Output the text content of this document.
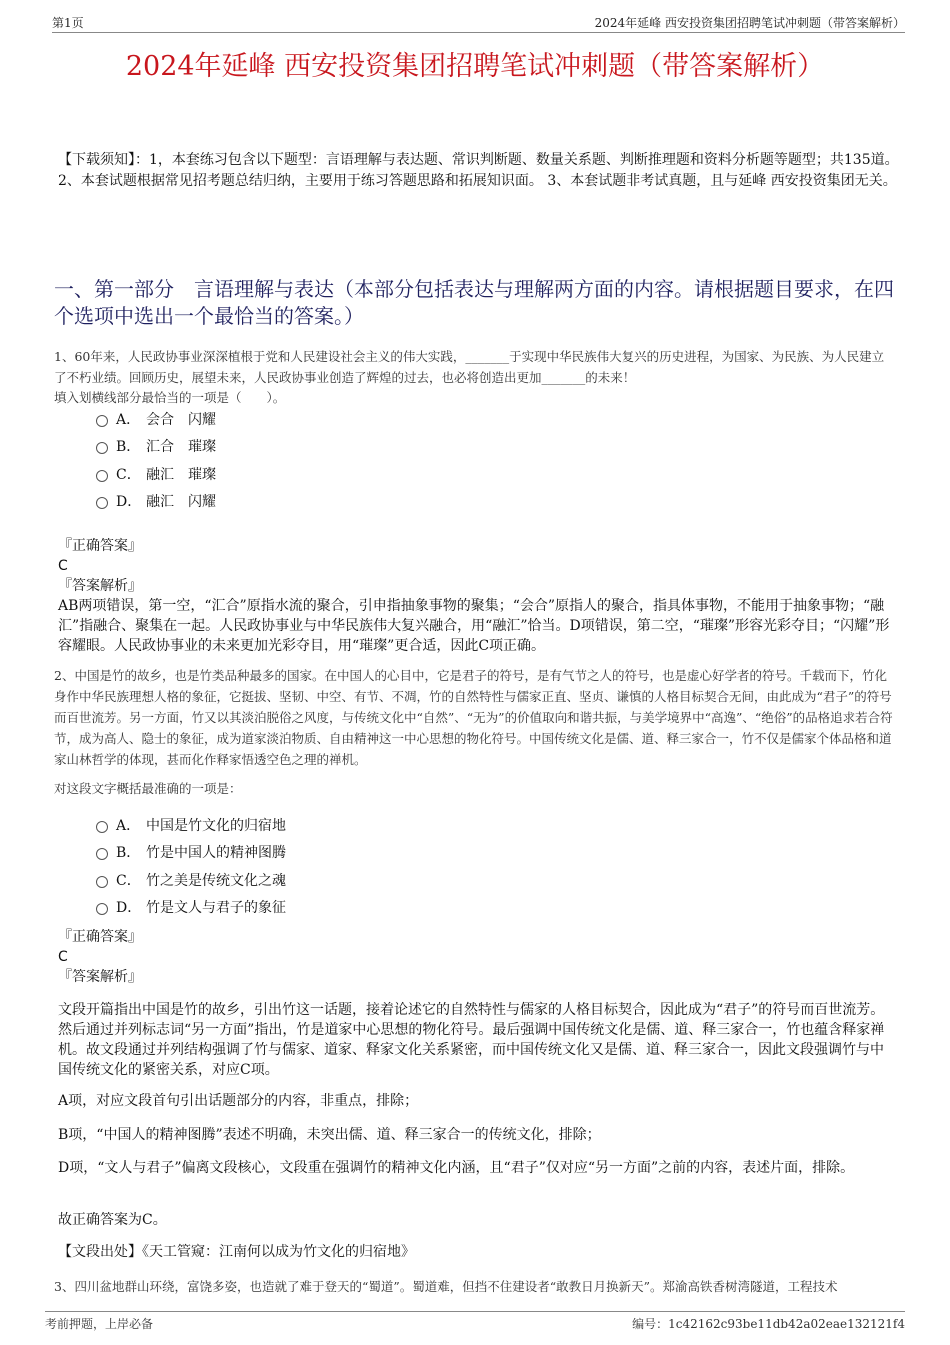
第1页	2024年延峰 西安投资集团招聘笔试冲刺题（带答案解析）
2024年延峰 西安投资集团招聘笔试冲刺题（带答案解析）
【下载须知】：1，本套练习包含以下题型：言语理解与表达题、常识判断题、数量关系题、判断推理题和资料分析题等题型；共135道。 2、本套试题根据常见招考题总结归纳，主要用于练习答题思路和拓展知识面。 3、本套试题非考试真题，且与延峰 西安投资集团无关。
一、第一部分　言语理解与表达（本部分包括表达与理解两方面的内容。请根据题目要求，在四个选项中选出一个最恰当的答案。）
1、60年来，人民政协事业深深植根于党和人民建设社会主义的伟大实践，_______于实现中华民族伟大复兴的历史进程，为国家、为民族、为人民建立了不朽业绩。回顾历史，展望未来，人民政协事业创造了辉煌的过去，也必将创造出更加_______的未来！
填入划横线部分最恰当的一项是（　　）。
A． 会合　闪耀
B． 汇合　璀璨
C． 融汇　璀璨
D． 融汇　闪耀
『正确答案』
C
『答案解析』
AB两项错误，第一空，“汇合”原指水流的聚合，引申指抽象事物的聚集；“会合”原指人的聚合，指具体事物，不能用于抽象事物；“融汇”指融合、聚集在一起。人民政协事业与中华民族伟大复兴融合，用“融汇”恰当。D项错误，第二空，“璀璨”形容光彩夺目；“闪耀”形容耀眼。人民政协事业的未来更加光彩夺目，用“璀璨”更合适，因此C项正确。
2、中国是竹的故乡，也是竹类品种最多的国家。在中国人的心目中，它是君子的符号，是有气节之人的符号，也是虚心好学者的符号。千载而下，竹化身作中华民族理想人格的象征，它挺拔、坚韧、中空、有节、不凋，竹的自然特性与儒家正直、坚贞、谦慎的人格目标契合无间，由此成为“君子”的符号而百世流芳。另一方面，竹又以其淡泊脱俗之风度，与传统文化中“自然”、“无为”的价值取向和谐共振，与美学境界中“高逸”、“绝俗”的品格追求若合符节，成为高人、隐士的象征，成为道家淡泊物质、自由精神这一中心思想的物化符号。中国传统文化是儒、道、释三家合一，竹不仅是儒家个体品格和道家山林哲学的体现，甚而化作释家悟透空色之理的禅机。
对这段文字概括最准确的一项是：
A． 中国是竹文化的归宿地
B． 竹是中国人的精神图腾
C． 竹之美是传统文化之魂
D． 竹是文人与君子的象征
『正确答案』
C
『答案解析』
文段开篇指出中国是竹的故乡，引出竹这一话题，接着论述它的自然特性与儒家的人格目标契合，因此成为“君子”的符号而百世流芳。然后通过并列标志词“另一方面”指出，竹是道家中心思想的物化符号。最后强调中国传统文化是儒、道、释三家合一，竹也蕴含释家禅机。故文段通过并列结构强调了竹与儒家、道家、释家文化关系紧密，而中国传统文化又是儒、道、释三家合一，因此文段强调竹与中国传统文化的紧密关系，对应C项。
A项，对应文段首句引出话题部分的内容，非重点，排除；
B项，“中国人的精神图腾”表述不明确，未突出儒、道、释三家合一的传统文化，排除；
D项，“文人与君子”偏离文段核心，文段重在强调竹的精神文化内涵，且“君子”仅对应“另一方面”之前的内容，表述片面，排除。
故正确答案为C。
【文段出处】《天工管窥：江南何以成为竹文化的归宿地》
3、四川盆地群山环绕，富饶多姿，也造就了难于登天的“蜀道”。蜀道难，但挡不住建设者“敢教日月换新天”。郑渝高铁香树湾隧道，工程技术
考前押题，上岸必备	编号：1c42162c93be11db42a02eae132121f4
